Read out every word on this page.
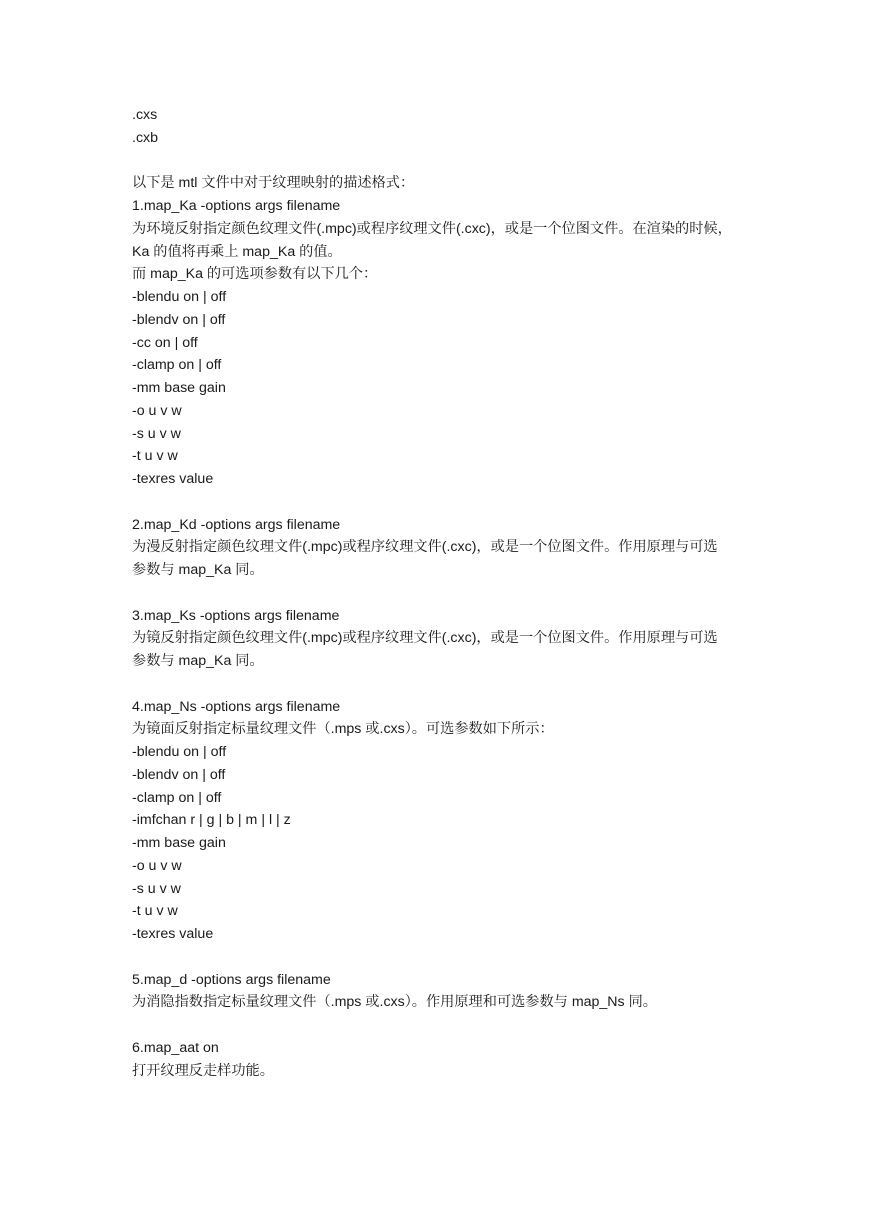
.cxs
.cxb
以下是 mtl 文件中对于纹理映射的描述格式：
1.map_Ka -options args filename
为环境反射指定颜色纹理文件(.mpc)或程序纹理文件(.cxc)，或是一个位图文件。在渲染的时候，
Ka 的值将再乘上 map_Ka 的值。
而 map_Ka 的可选项参数有以下几个：
-blendu on | off
-blendv on | off
-cc on | off
-clamp on | off
-mm base gain
-o u v w
-s u v w
-t u v w
-texres value
2.map_Kd -options args filename
为漫反射指定颜色纹理文件(.mpc)或程序纹理文件(.cxc)，或是一个位图文件。作用原理与可选
参数与 map_Ka 同。
3.map_Ks -options args filename
为镜反射指定颜色纹理文件(.mpc)或程序纹理文件(.cxc)，或是一个位图文件。作用原理与可选
参数与 map_Ka 同。
4.map_Ns -options args filename
为镜面反射指定标量纹理文件（.mps 或.cxs）。可选参数如下所示：
-blendu on | off
-blendv on | off
-clamp on | off
-imfchan r | g | b | m | l | z
-mm base gain
-o u v w
-s u v w
-t u v w
-texres value
5.map_d -options args filename
为消隐指数指定标量纹理文件（.mps 或.cxs）。作用原理和可选参数与 map_Ns 同。
6.map_aat on
打开纹理反走样功能。
